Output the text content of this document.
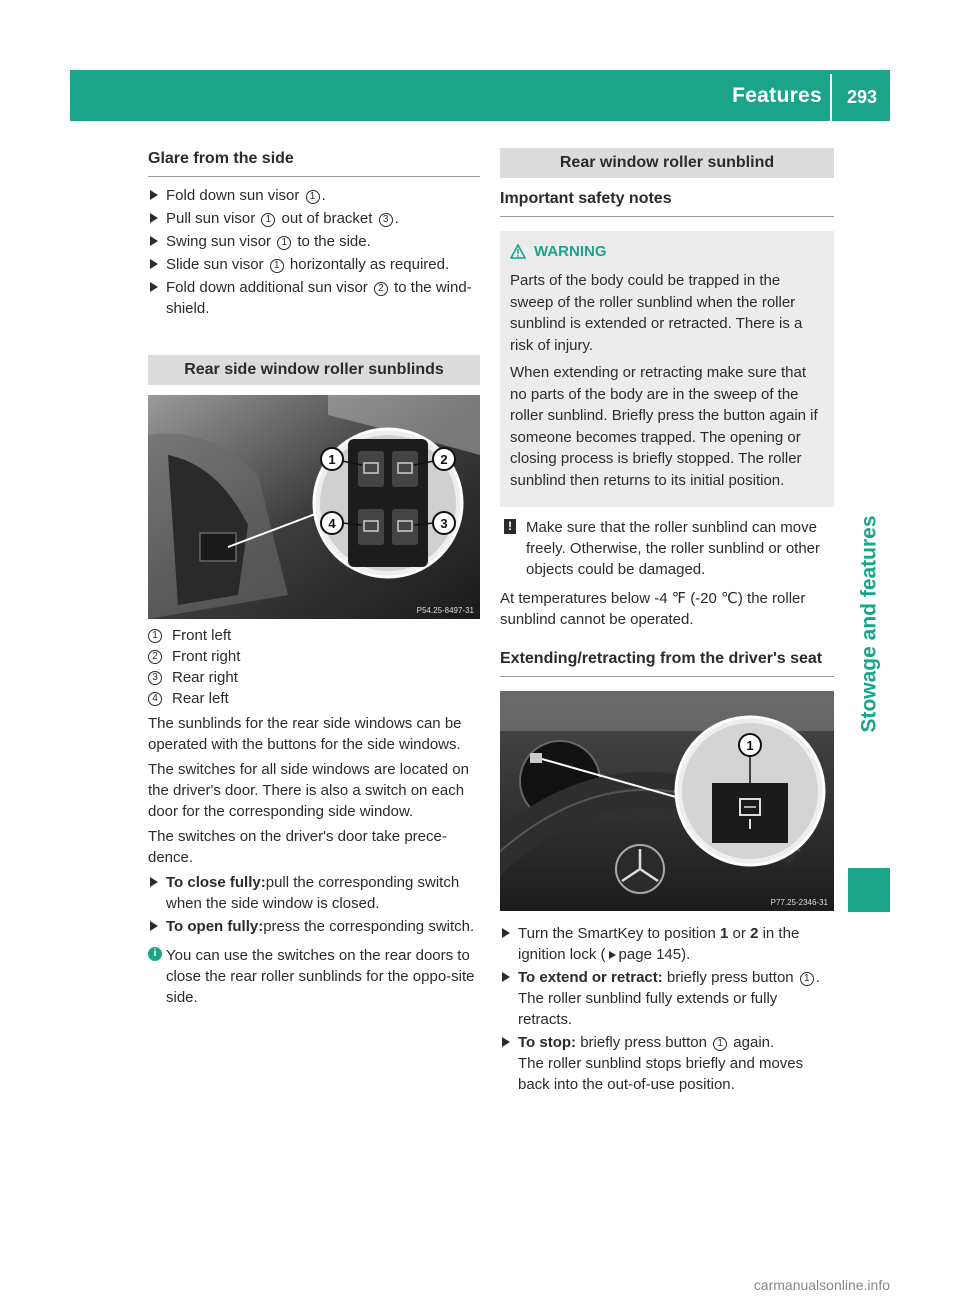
Features	293
Stowage and features
Glare from the side
Fold down sun visor 1 .
Pull sun visor 1 out of bracket 3 .
Swing sun visor 1 to the side.
Slide sun visor 1 horizontally as required.
Fold down additional sun visor 2 to the wind-shield.
Rear side window roller sunblinds
1	2
3
4
P54.25-8497-31
1 Front left
2 Front right
3 Rear right
4 Rear left

The sunblinds for the rear side windows can be operated with the buttons for the side windows.

The switches for all side windows are located on the driver's door. There is also a switch on each door for the corresponding side window.

The switches on the driver's door take prece-dence.

To close fully:pull the corresponding switch when the side window is closed.
To open fully:press the corresponding switch.
i You can use the switches on the rear doors to close the rear roller sunblinds for the oppo-site side.
Rear window roller sunblind
Important safety notes
WARNING

Parts of the body could be trapped in the sweep of the roller sunblind when the roller sunblind is extended or retracted. There is a risk of injury.

When extending or retracting make sure that no parts of the body are in the sweep of the roller sunblind. Briefly press the button again if someone becomes trapped. The opening or closing process is briefly stopped. The roller sunblind then returns to its initial position.

! Make sure that the roller sunblind can move freely. Otherwise, the roller sunblind or other objects could be damaged.

At temperatures below -4 ℉ (-20 ℃) the roller sunblind cannot be operated.

Extending/retracting from the driver's seat
1
P77.25-2346-31
Turn the SmartKey to position 1 or 2 in the ignition lock ( page 145).
To extend or retract: briefly press button 1 .
The roller sunblind fully extends or fully retracts.
To stop: briefly press button 1 again.
The roller sunblind stops briefly and moves back into the out-of-use position.
carmanualsonline.info
